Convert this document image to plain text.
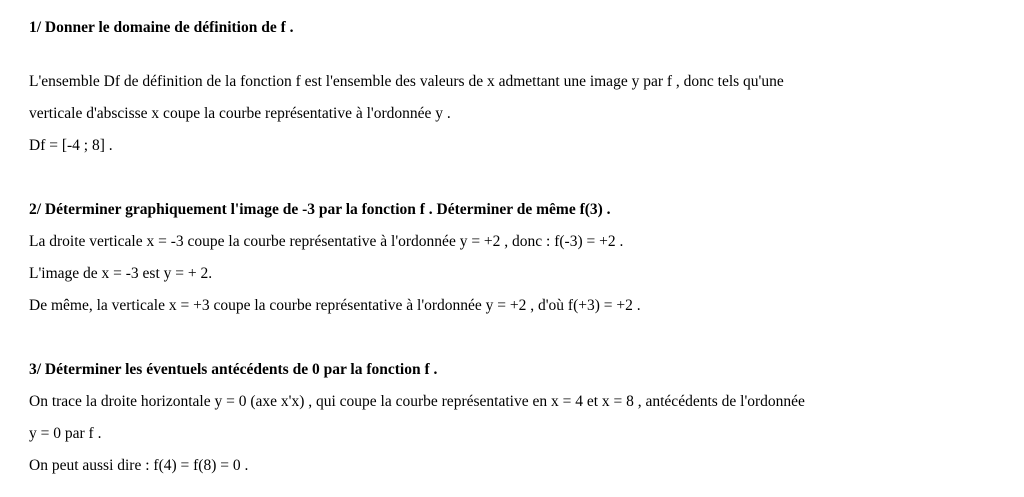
1/ Donner le domaine de définition de f .
L'ensemble Df de définition de la fonction f est l'ensemble des valeurs de x admettant une image y par f , donc tels qu'une
verticale d'abscisse x coupe la courbe représentative à l'ordonnée y .
Df = [-4 ; 8] .
2/ Déterminer graphiquement l'image de -3 par la fonction f . Déterminer de même f(3) .
La droite verticale x = -3 coupe la courbe représentative à l'ordonnée y = +2 , donc : f(-3) = +2 .
L'image de x = -3 est y = + 2.
De même, la verticale x = +3 coupe la courbe représentative à l'ordonnée y = +2 , d'où f(+3) = +2 .
3/ Déterminer les éventuels antécédents de 0 par la fonction f .
On trace la droite horizontale y = 0 (axe x'x) , qui coupe la courbe représentative en x = 4 et x = 8 , antécédents de l'ordonnée
y = 0 par f .
On peut aussi dire : f(4) = f(8) = 0 .
